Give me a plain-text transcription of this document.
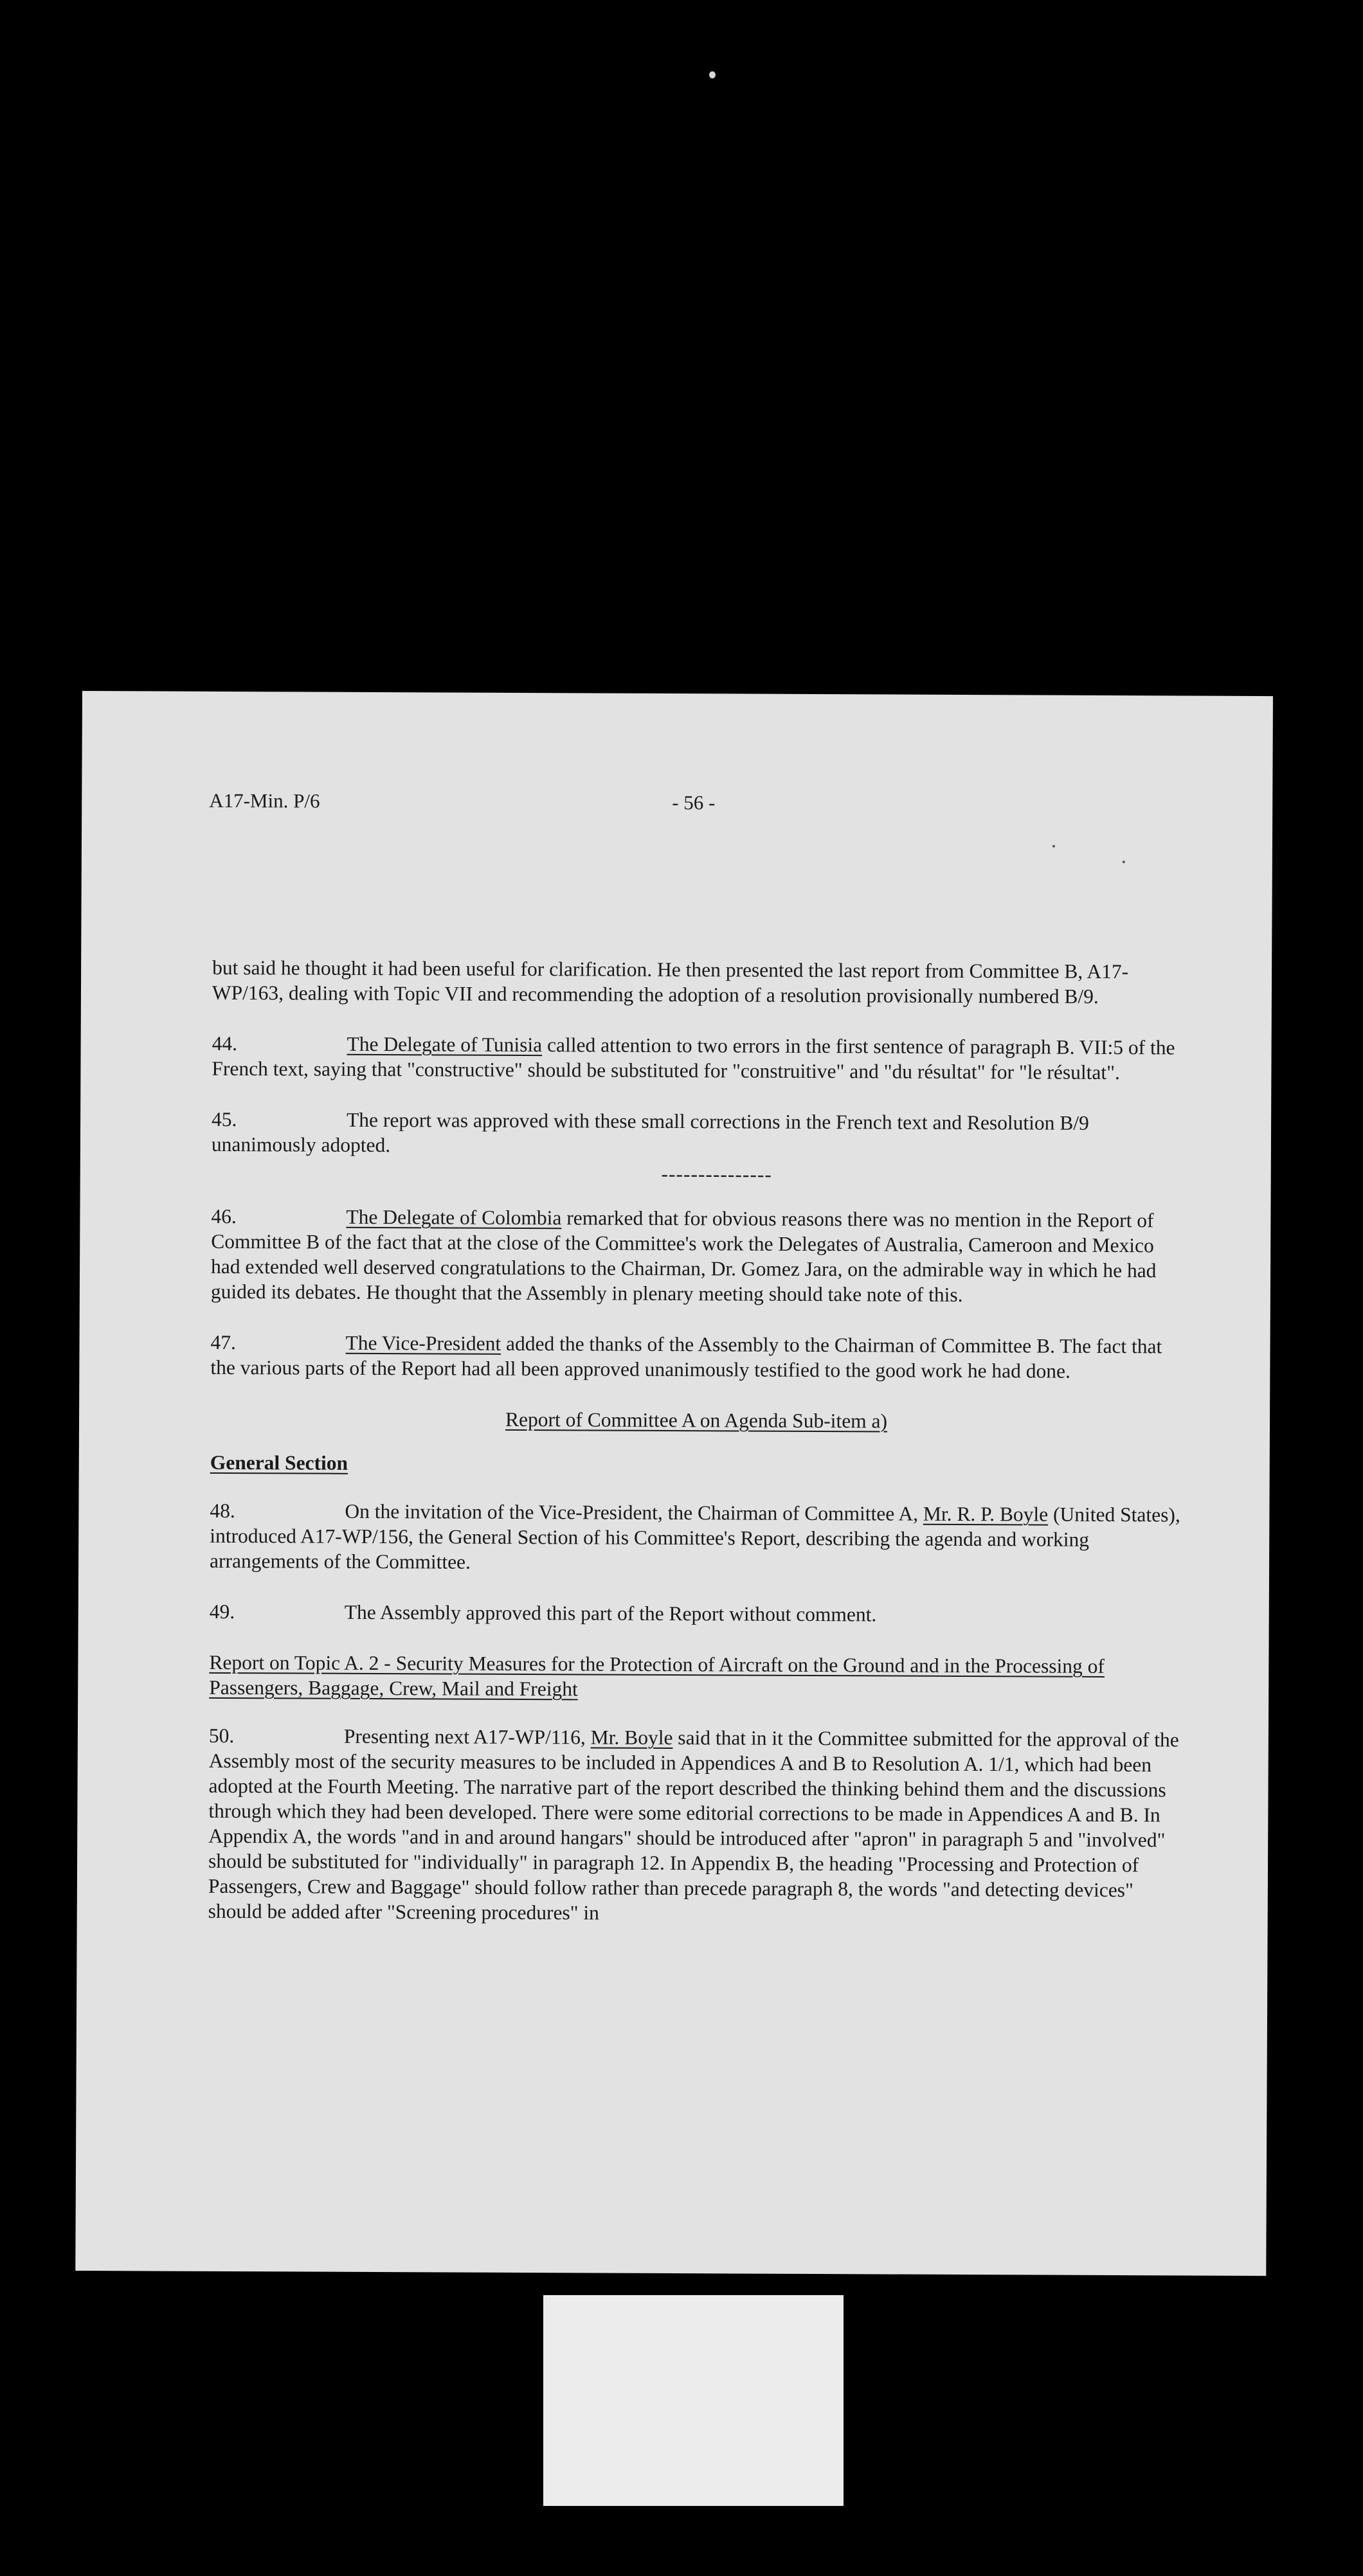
A17-Min. P/6	- 56 -

but said he thought it had been useful for clarification. He then presented the last report from Committee B, A17-WP/163, dealing with Topic VII and recommending the adoption of a resolution provisionally numbered B/9.

44.	The Delegate of Tunisia called attention to two errors in the first sentence of paragraph B. VII:5 of the French text, saying that "constructive" should be substituted for "construitive" and "du résultat" for "le résultat".

45.	The report was approved with these small corrections in the French text and Resolution B/9 unanimously adopted.

---------------

46.	The Delegate of Colombia remarked that for obvious reasons there was no mention in the Report of Committee B of the fact that at the close of the Committee's work the Delegates of Australia, Cameroon and Mexico had extended well deserved congratulations to the Chairman, Dr. Gomez Jara, on the admirable way in which he had guided its debates. He thought that the Assembly in plenary meeting should take note of this.

47.	The Vice-President added the thanks of the Assembly to the Chairman of Committee B. The fact that the various parts of the Report had all been approved unanimously testified to the good work he had done.

Report of Committee A on Agenda Sub-item a)
General Section

48.	On the invitation of the Vice-President, the Chairman of Committee A, Mr. R. P. Boyle (United States), introduced A17-WP/156, the General Section of his Committee's Report, describing the agenda and working arrangements of the Committee.

49.	The Assembly approved this part of the Report without comment.

Report on Topic A. 2 - Security Measures for the Protection of Aircraft on the Ground and in the Processing of Passengers, Baggage, Crew, Mail and Freight

50.	Presenting next A17-WP/116, Mr. Boyle said that in it the Committee submitted for the approval of the Assembly most of the security measures to be included in Appendices A and B to Resolution A. 1/1, which had been adopted at the Fourth Meeting. The narrative part of the report described the thinking behind them and the discussions through which they had been developed. There were some editorial corrections to be made in Appendices A and B. In Appendix A, the words "and in and around hangars" should be introduced after "apron" in paragraph 5 and "involved" should be substituted for "individually" in paragraph 12. In Appendix B, the heading "Processing and Protection of Passengers, Crew and Baggage" should follow rather than precede paragraph 8, the words "and detecting devices" should be added after "Screening procedures" in
